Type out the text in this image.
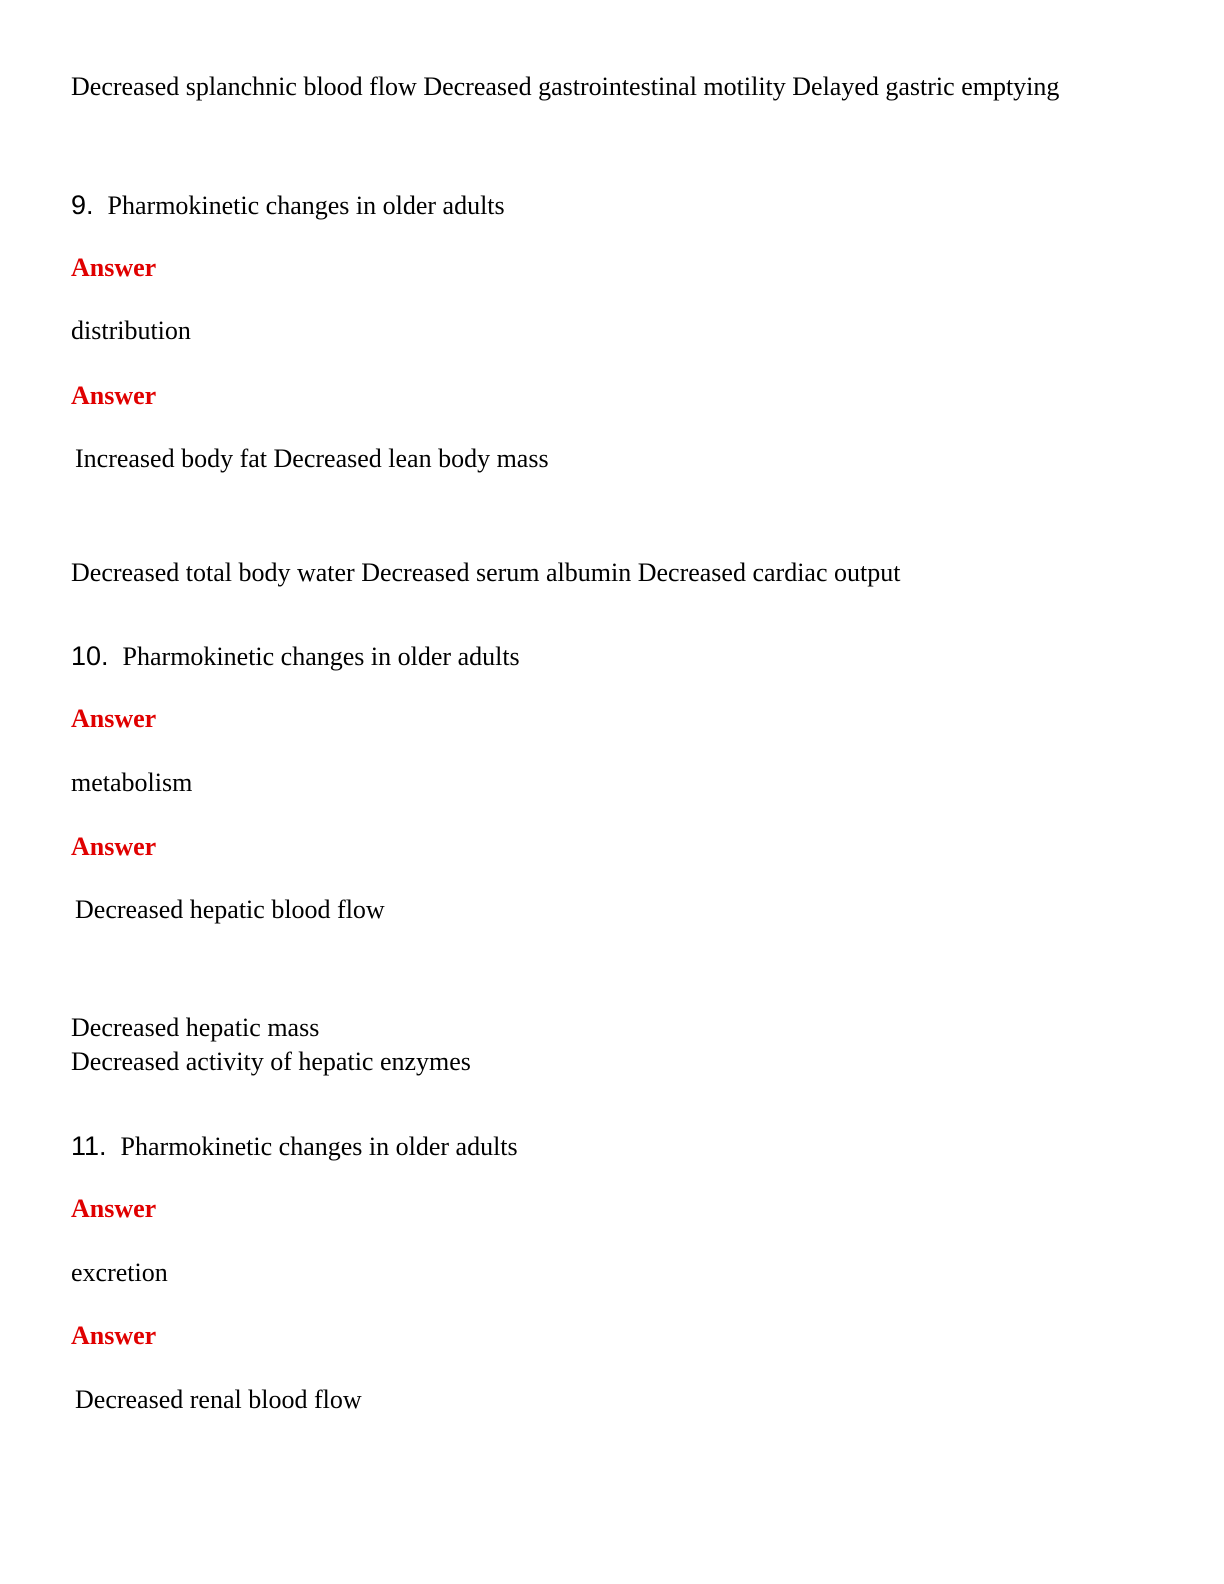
Decreased splanchnic blood flow Decreased gastrointestinal motility Delayed gastric emptying
9. Pharmokinetic changes in older adults
Answer
distribution
Answer
Increased body fat Decreased lean body mass
Decreased total body water Decreased serum albumin Decreased cardiac output
10. Pharmokinetic changes in older adults
Answer
metabolism
Answer
Decreased hepatic blood flow
Decreased hepatic mass
Decreased activity of hepatic enzymes
11. Pharmokinetic changes in older adults
Answer
excretion
Answer
Decreased renal blood flow
